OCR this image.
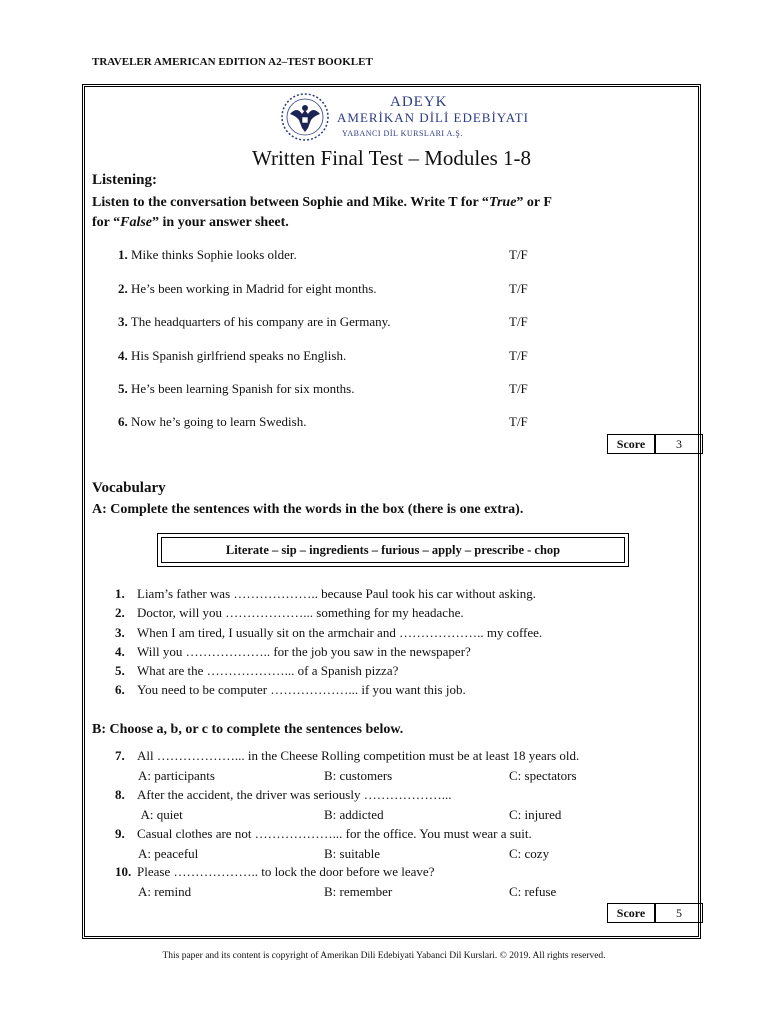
TRAVELER AMERICAN EDITION A2–TEST BOOKLET
ADEYK
AMERİKAN DİLİ EDEBİYATI
YABANCI DİL KURSLARI A.Ş.
Written Final Test – Modules 1-8
Listening:
Listen to the conversation between Sophie and Mike. Write T for “True” or F
for “False” in your answer sheet.
1. Mike thinks Sophie looks older.	T/F
2. He’s been working in Madrid for eight months.	T/F
3. The headquarters of his company are in Germany.	T/F
4. His Spanish girlfriend speaks no English.	T/F
5. He’s been learning Spanish for six months.	T/F
6. Now he’s going to learn Swedish.	T/F
Score	3
Vocabulary
A: Complete the sentences with the words in the box (there is one extra).
Literate – sip – ingredients – furious – apply – prescribe - chop
1. Liam’s father was ……………….. because Paul took his car without asking.
2. Doctor, will you ………………... something for my headache.
3. When I am tired, I usually sit on the armchair and ……………….. my coffee.
4. Will you ……………….. for the job you saw in the newspaper?
5. What are the ………………... of a Spanish pizza?
6. You need to be computer ………………... if you want this job.
B: Choose a, b, or c to complete the sentences below.
7. All ………………... in the Cheese Rolling competition must be at least 18 years old.
A: participants	B: customers	C: spectators
8. After the accident, the driver was seriously ………………...
A: quiet	B: addicted	C: injured
9. Casual clothes are not ………………... for the office. You must wear a suit.
A: peaceful	B: suitable	C: cozy
10. Please ……………….. to lock the door before we leave?
A: remind	B: remember	C: refuse
Score	5
This paper and its content is copyright of Amerikan Dili Edebiyati Yabanci Dil Kurslari. © 2019. All rights reserved.
